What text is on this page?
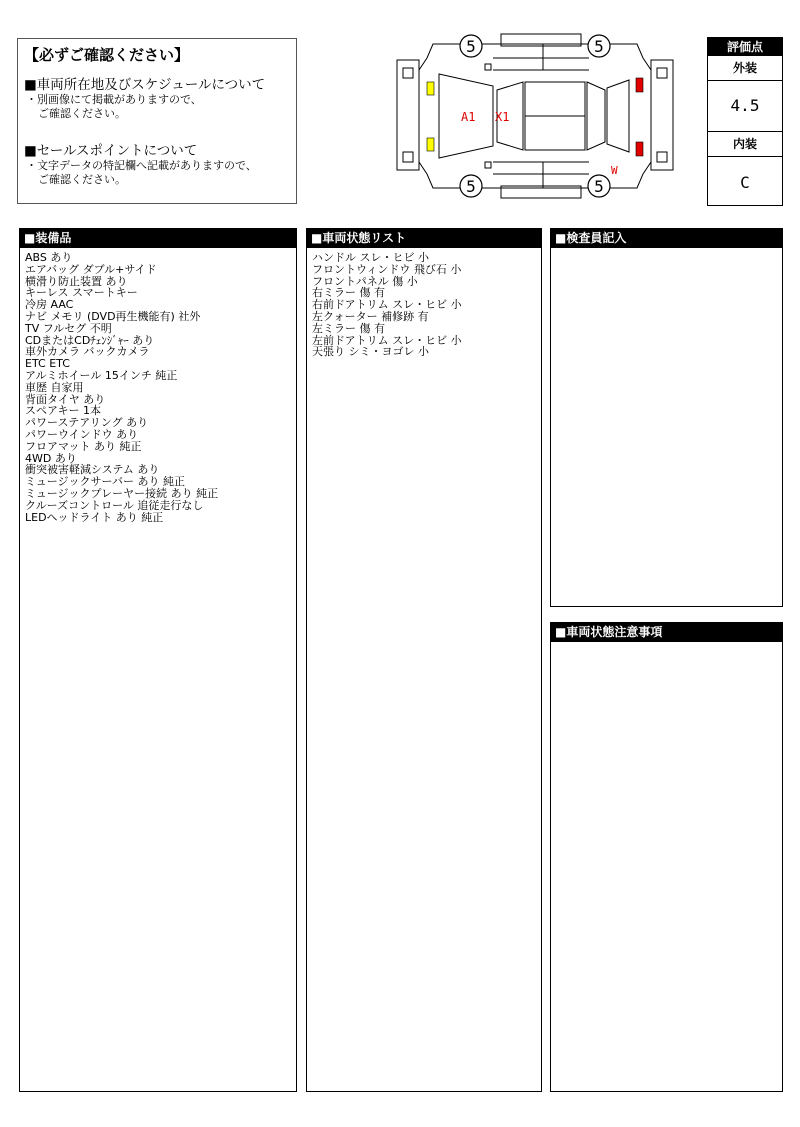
【必ずご確認ください】
■車両所在地及びスケジュールについて
・別画像にて掲載がありますので、
ご確認ください。
■セールスポイントについて
・文字データの特記欄へ記載がありますので、
ご確認ください。
5	5
5	5
A1 X1
W
評価点
外装
4.5
内装
C
■装備品
ABS あり
エアバッグ ダブル+サイド
横滑り防止装置 あり
キーレス スマートキー
冷房 AAC
ナビ メモリ (DVD再生機能有) 社外
TV フルセグ 不明
CDまたはCDﾁｪﾝｼﾞｬｰ あり
車外カメラ バックカメラ
ETC ETC
アルミホイール 15インチ 純正
車歴 自家用
背面タイヤ あり
スペアキー 1本
パワーステアリング あり
パワーウインドウ あり
フロアマット あり 純正
4WD あり
衝突被害軽減システム あり
ミュージックサーバー あり 純正
ミュージックプレーヤー接続 あり 純正
クルーズコントロール 追従走行なし
LEDヘッドライト あり 純正
■車両状態リスト
ハンドル スレ・ヒビ 小
フロントウィンドウ 飛び石 小
フロントパネル 傷 小
右ミラー 傷 有
右前ドアトリム スレ・ヒビ 小
左クォーター 補修跡 有
左ミラー 傷 有
左前ドアトリム スレ・ヒビ 小
天張り シミ・ヨゴレ 小
■検査員記入
■車両状態注意事項
